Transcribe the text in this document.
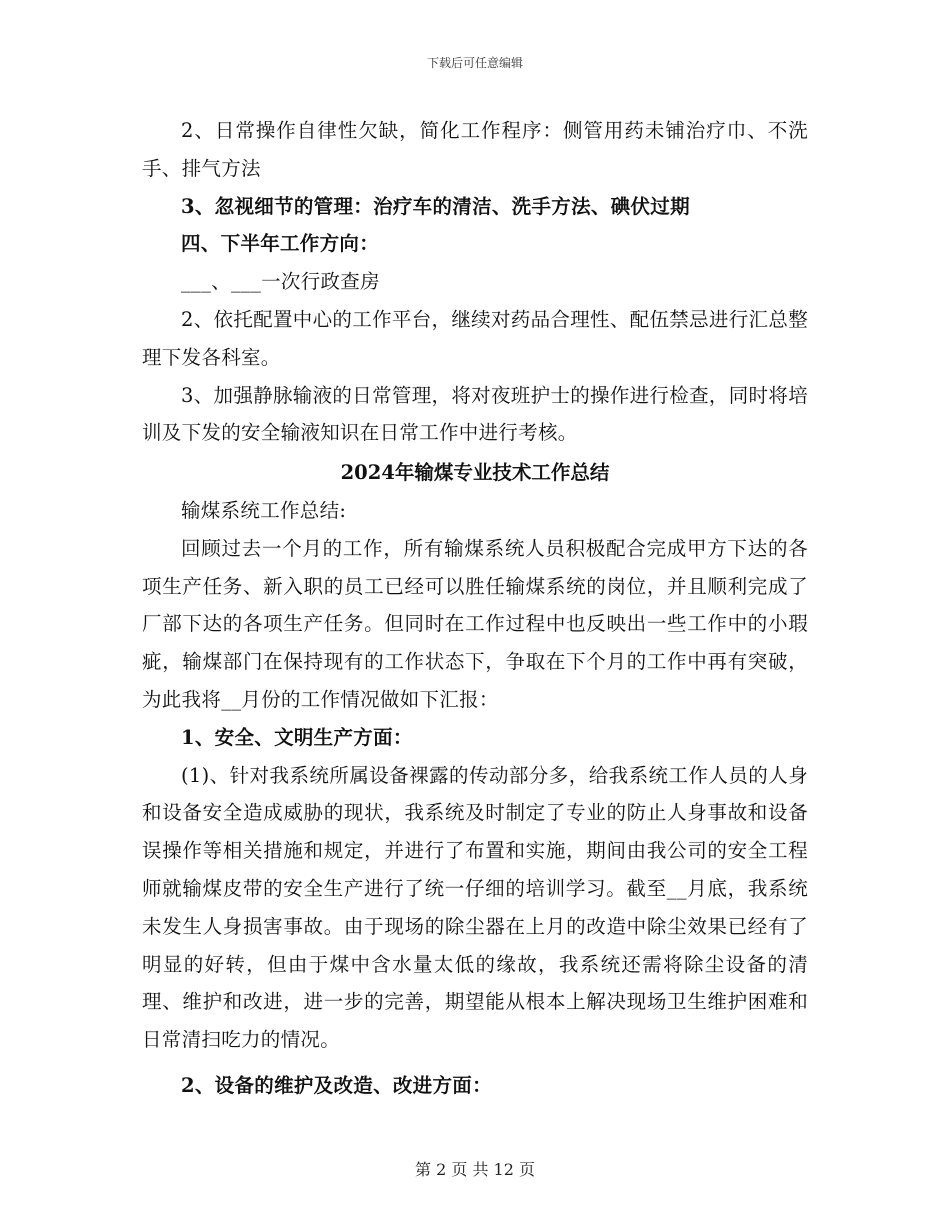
下载后可任意编辑

2、日常操作自律性欠缺，简化工作程序：侧管用药未铺治疗巾、不洗手、排气方法

3、忽视细节的管理：治疗车的清洁、洗手方法、碘伏过期

四、下半年工作方向：

___、___一次行政查房

2、依托配置中心的工作平台，继续对药品合理性、配伍禁忌进行汇总整理下发各科室。

3、加强静脉输液的日常管理，将对夜班护士的操作进行检查，同时将培训及下发的安全输液知识在日常工作中进行考核。

2024年输煤专业技术工作总结

输煤系统工作总结:

回顾过去一个月的工作，所有输煤系统人员积极配合完成甲方下达的各项生产任务、新入职的员工已经可以胜任输煤系统的岗位，并且顺利完成了厂部下达的各项生产任务。但同时在工作过程中也反映出一些工作中的小瑕疵，输煤部门在保持现有的工作状态下，争取在下个月的工作中再有突破，为此我将__月份的工作情况做如下汇报：

1、安全、文明生产方面：

(1)、针对我系统所属设备裸露的传动部分多，给我系统工作人员的人身和设备安全造成威胁的现状，我系统及时制定了专业的防止人身事故和设备误操作等相关措施和规定，并进行了布置和实施，期间由我公司的安全工程师就输煤皮带的安全生产进行了统一仔细的培训学习。截至__月底，我系统未发生人身损害事故。由于现场的除尘器在上月的改造中除尘效果已经有了明显的好转，但由于煤中含水量太低的缘故，我系统还需将除尘设备的清理、维护和改进，进一步的完善，期望能从根本上解决现场卫生维护困难和日常清扫吃力的情况。

2、设备的维护及改造、改进方面：

第 2 页 共 12 页
